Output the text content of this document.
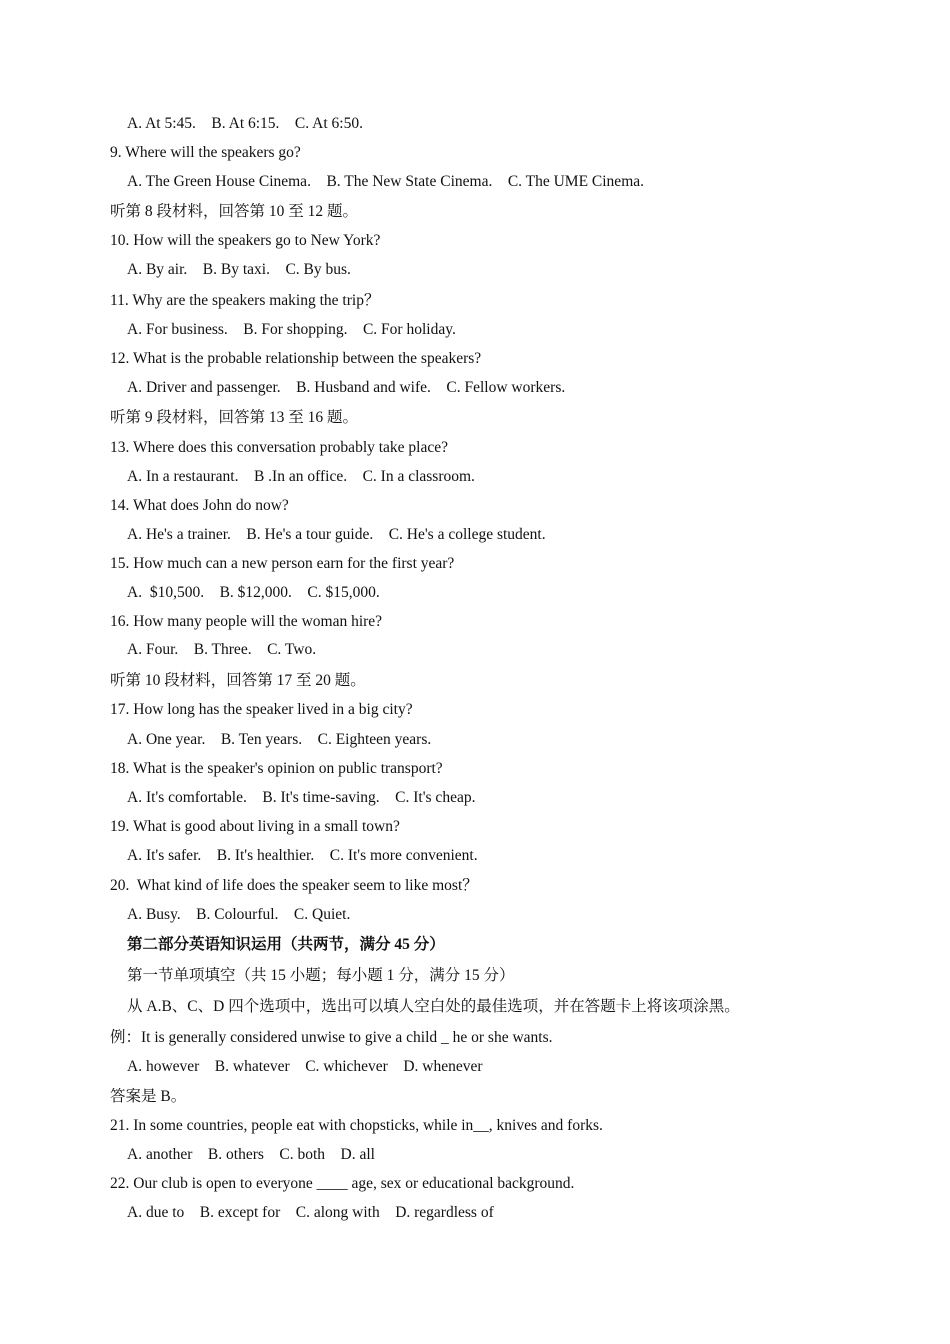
A. At 5:45.    B. At 6:15.    C. At 6:50.
9. Where will the speakers go?
A. The Green House Cinema.    B. The New State Cinema.    C. The UME Cinema.
听第 8 段材料，回答第 10 至 12 题。
10. How will the speakers go to New York?
A. By air.    B. By taxi.    C. By bus.
11. Why are the speakers making the trip？
A. For business.    B. For shopping.    C. For holiday.
12. What is the probable relationship between the speakers?
A. Driver and passenger.    B. Husband and wife.    C. Fellow workers.
听第 9 段材料，回答第 13 至 16 题。
13. Where does this conversation probably take place?
A. In a restaurant.    B .In an office.    C. In a classroom.
14. What does John do now?
A. He's a trainer.    B. He's a tour guide.    C. He's a college student.
15. How much can a new person earn for the first year?
A.  $10,500.    B. $12,000.    C. $15,000.
16. How many people will the woman hire?
A. Four.    B. Three.    C. Two.
听第 10 段材料，回答第 17 至 20 题。
17. How long has the speaker lived in a big city?
A. One year.    B. Ten years.    C. Eighteen years.
18. What is the speaker's opinion on public transport?
A. It's comfortable.    B. It's time-saving.    C. It's cheap.
19. What is good about living in a small town?
A. It's safer.    B. It's healthier.    C. It's more convenient.
20.  What kind of life does the speaker seem to like most？
A. Busy.    B. Colourful.    C. Quiet.
第二部分英语知识运用（共两节，满分 45 分）
第一节单项填空（共 15 小题；每小题 1 分，满分 15 分）
从 A.B、C、D 四个选项中，选出可以填人空白处的最佳选项，并在答题卡上将该项涂黑。
例：It is generally considered unwise to give a child _ he or she wants.
A. however    B. whatever    C. whichever    D. whenever
答案是 B。
21. In some countries, people eat with chopsticks, while in__, knives and forks.
A. another    B. others    C. both    D. all
22. Our club is open to everyone ____ age, sex or educational background.
A. due to    B. except for    C. along with    D. regardless of
